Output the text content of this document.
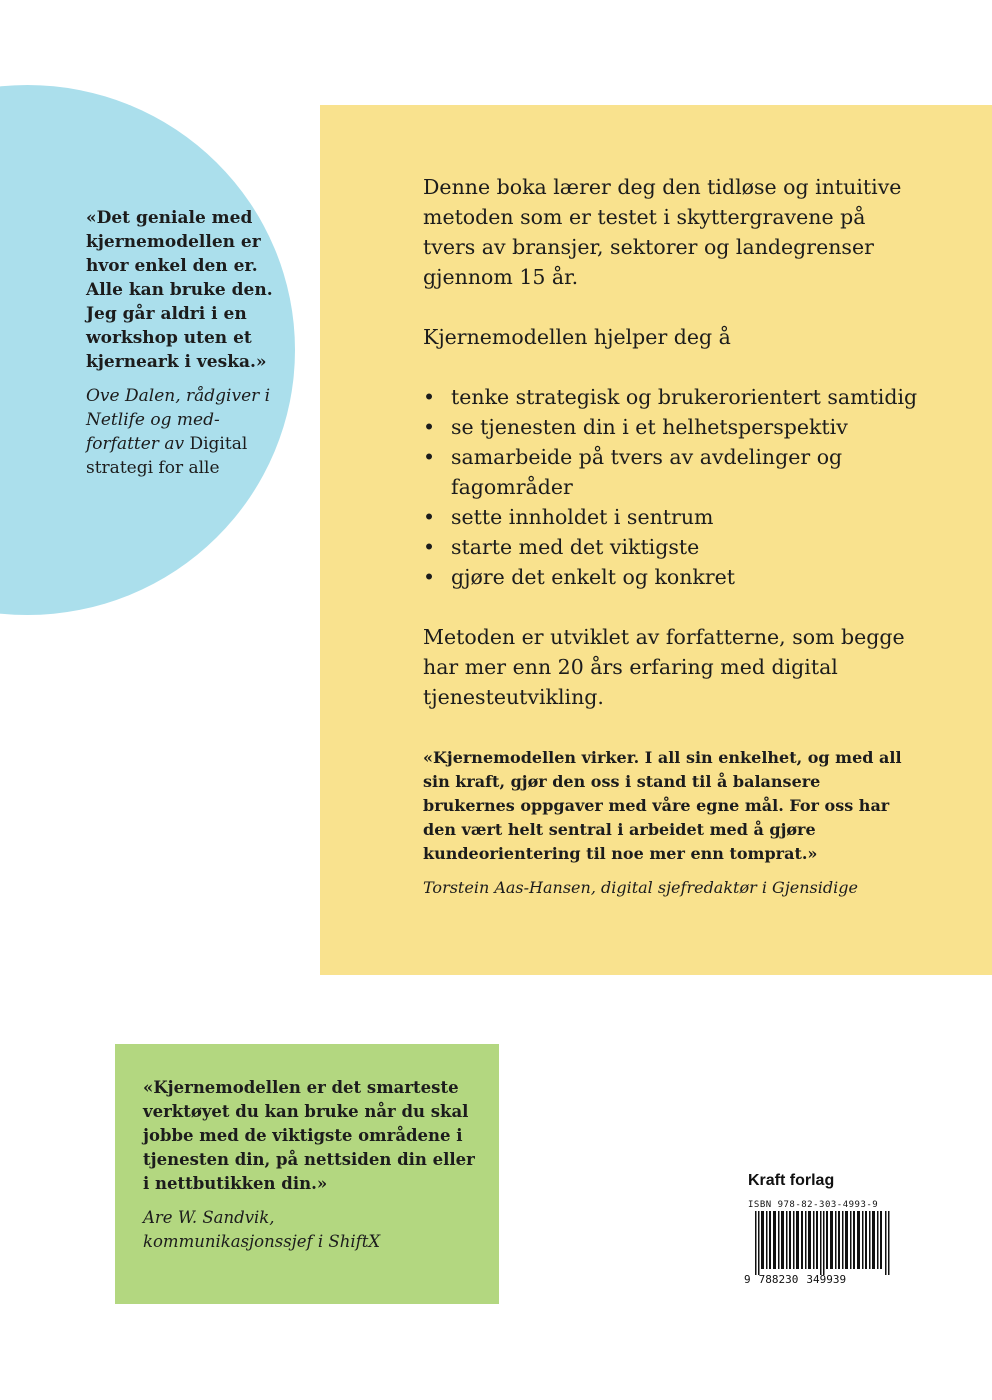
«Det geniale med kjernemodellen er hvor enkel den er. Alle kan bruke den. Jeg går aldri i en workshop uten et kjerneark i veska.»

Ove Dalen, rådgiver i Netlife og medforfatter av Digital strategi for alle

Denne boka lærer deg den tidløse og intuitive metoden som er testet i skyttergravene på tvers av bransjer, sektorer og landegrenser gjennom 15 år.

Kjernemodellen hjelper deg å

• tenke strategisk og brukerorientert samtidig
• se tjenesten din i et helhetsperspektiv
• samarbeide på tvers av avdelinger og fagområder
• sette innholdet i sentrum
• starte med det viktigste
• gjøre det enkelt og konkret

Metoden er utviklet av forfatterne, som begge har mer enn 20 års erfaring med digital tjenesteutvikling.

«Kjernemodellen virker. I all sin enkelhet, og med all sin kraft, gjør den oss i stand til å balansere brukernes oppgaver med våre egne mål. For oss har den vært helt sentral i arbeidet med å gjøre kundeorientering til noe mer enn tomprat.»

Torstein Aas-Hansen, digital sjefredaktør i Gjensidige

«Kjernemodellen er det smarteste verktøyet du kan bruke når du skal jobbe med de viktigste områdene i tjenesten din, på nettsiden din eller i nettbutikken din.»

Are W. Sandvik,
kommunikasjonssjef i ShiftX

Kraft forlag
ISBN 978-82-303-4993-9
9 788230 349939
